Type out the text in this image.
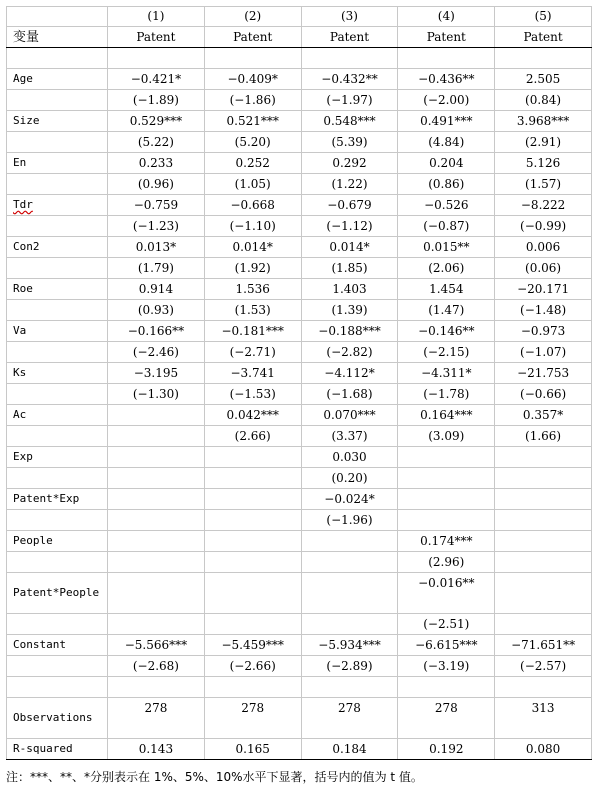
	(1)	(2)	(3)	(4)	(5)
变量	Patent	Patent	Patent	Patent	Patent

Age	−0.421*	−0.409*	−0.432**	−0.436**	2.505
	(−1.89)	(−1.86)	(−1.97)	(−2.00)	(0.84)
Size	0.529***	0.521***	0.548***	0.491***	3.968***
	(5.22)	(5.20)	(5.39)	(4.84)	(2.91)
En	0.233	0.252	0.292	0.204	5.126
	(0.96)	(1.05)	(1.22)	(0.86)	(1.57)
Tdr	−0.759	−0.668	−0.679	−0.526	−8.222
	(−1.23)	(−1.10)	(−1.12)	(−0.87)	(−0.99)
Con2	0.013*	0.014*	0.014*	0.015**	0.006
	(1.79)	(1.92)	(1.85)	(2.06)	(0.06)
Roe	0.914	1.536	1.403	1.454	−20.171
	(0.93)	(1.53)	(1.39)	(1.47)	(−1.48)
Va	−0.166**	−0.181***	−0.188***	−0.146**	−0.973
	(−2.46)	(−2.71)	(−2.82)	(−2.15)	(−1.07)
Ks	−3.195	−3.741	−4.112*	−4.311*	−21.753
	(−1.30)	(−1.53)	(−1.68)	(−1.78)	(−0.66)
Ac		0.042***	0.070***	0.164***	0.357*
		(2.66)	(3.37)	(3.09)	(1.66)
Exp			0.030		
			(0.20)		
Patent*Exp			−0.024*		
			(−1.96)		
People				0.174***	
				(2.96)	
Patent*People				−0.016**	
				(−2.51)	
Constant	−5.566***	−5.459***	−5.934***	−6.615***	−71.651**
	(−2.68)	(−2.66)	(−2.89)	(−3.19)	(−2.57)

Observations	278	278	278	278	313
R-squared	0.143	0.165	0.184	0.192	0.080
注：***、**、*分别表示在 1%、5%、10%水平下显著，括号内的值为 t 值。
